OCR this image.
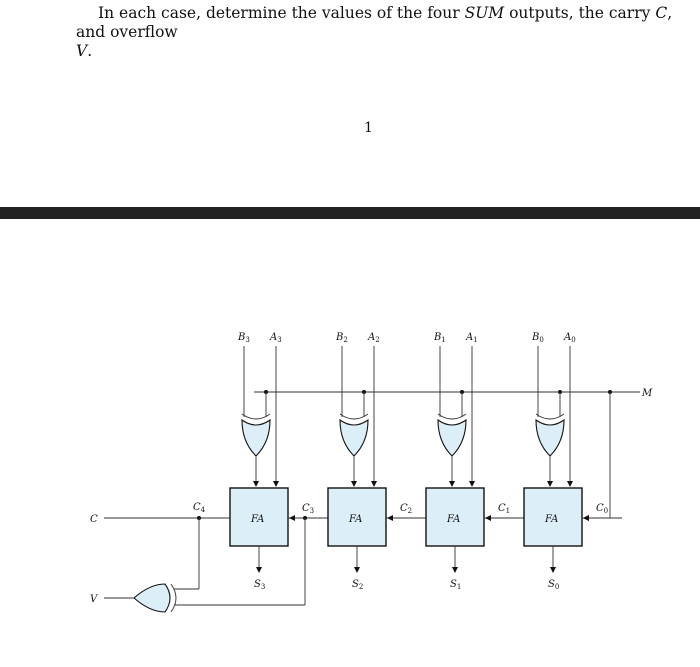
In each case, determine the values of the four SUM outputs, the carry C, and overflow
V.
1
M
$B_3$ $A_3$
FA
$S_3$
$C_3$
$B_2$ $A_2$
FA
$S_2$
$C_2$
$B_1$ $A_1$
FA
$S_1$
$C_1$
$B_0$ $A_0$
FA
$S_0$
$C_0$
$C_4$
C
V
